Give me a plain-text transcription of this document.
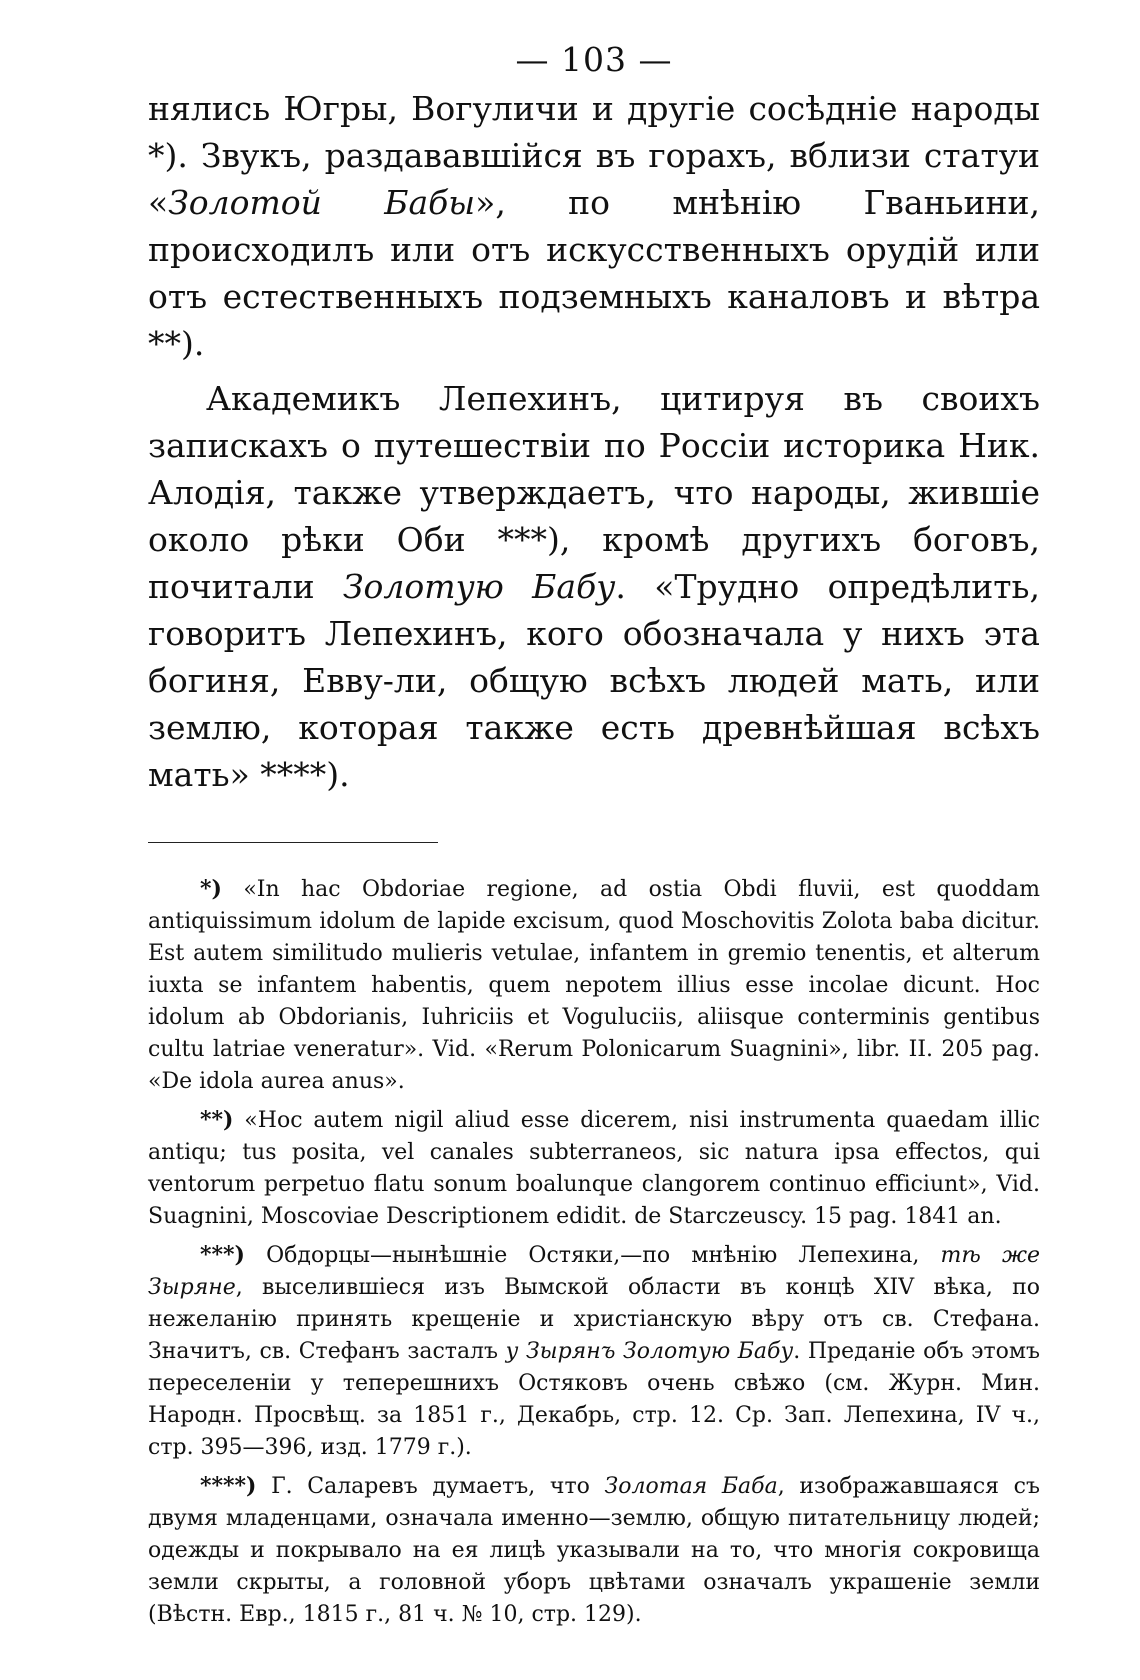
— 103 —

нялись Югры, Вогуличи и другіе сосѣдніе народы *). Звукъ, раздававшійся въ горахъ, вблизи статуи «Золотой Бабы», по мнѣнію Гваньини, происходилъ или отъ искусственныхъ орудій или отъ естественныхъ подземныхъ каналовъ и вѣтра **).

Академикъ Лепехинъ, цитируя въ своихъ запискахъ о путешествіи по Россіи историка Ник. Алодія, также утверждаетъ, что народы, жившіе около рѣки Оби ***), кромѣ другихъ боговъ, почитали Золотую Бабу. «Трудно опредѣлить, говоритъ Лепехинъ, кого обозначала у нихъ эта богиня, Евву-ли, общую всѣхъ людей мать, или землю, которая также есть древнѣйшая всѣхъ мать» ****).

*) «In hac Obdoriae regione, ad ostia Obdi fluvii, est quoddam antiquissimum idolum de lapide excisum, quod Moschovitis Zolota baba dicitur. Est autem similitudo mulieris vetulae, infantem in gremio tenentis, et alterum iuxta se infantem habentis, quem nepotem illius esse incolae dicunt. Hoc idolum ab Obdorianis, Iuhriciis et Voguluciis, aliisque conterminis gentibus cultu latriae veneratur». Vid. «Rerum Polonicarum Suagnini», libr. II. 205 pag. «De idola aurea anus».

**) «Hoc autem nigil aliud esse dicerem, nisi instrumenta quaedam illic antiqu; tus posita, vel canales subterraneos, sic natura ipsa effectos, qui ventorum perpetuo flatu sonum boalunque clangorem continuo efficiunt», Vid. Suagnini, Moscoviae Descriptionem edidit. de Starczeuscy. 15 pag. 1841 an.

***) Обдорцы—нынѣшніе Остяки,—по мнѣнію Лепехина, тѣ же Зыряне, выселившіеся изъ Вымской области въ концѣ XIV вѣка, по нежеланію принять крещеніе и христіанскую вѣру отъ св. Стефана. Значитъ, св. Стефанъ засталъ у Зырянъ Золотую Бабу. Преданіе объ этомъ переселеніи у теперешнихъ Остяковъ очень свѣжо (см. Журн. Мин. Народн. Просвѣщ. за 1851 г., Декабрь, стр. 12. Ср. Зап. Лепехина, IV ч., стр. 395—396, изд. 1779 г.).

****) Г. Саларевъ думаетъ, что Золотая Баба, изображавшаяся съ двумя младенцами, означала именно—землю, общую питательницу людей; одежды и покрывало на ея лицѣ указывали на то, что многія сокровища земли скрыты, а головной уборъ цвѣтами означалъ украшеніе земли (Вѣстн. Евр., 1815 г., 81 ч. № 10, стр. 129).
